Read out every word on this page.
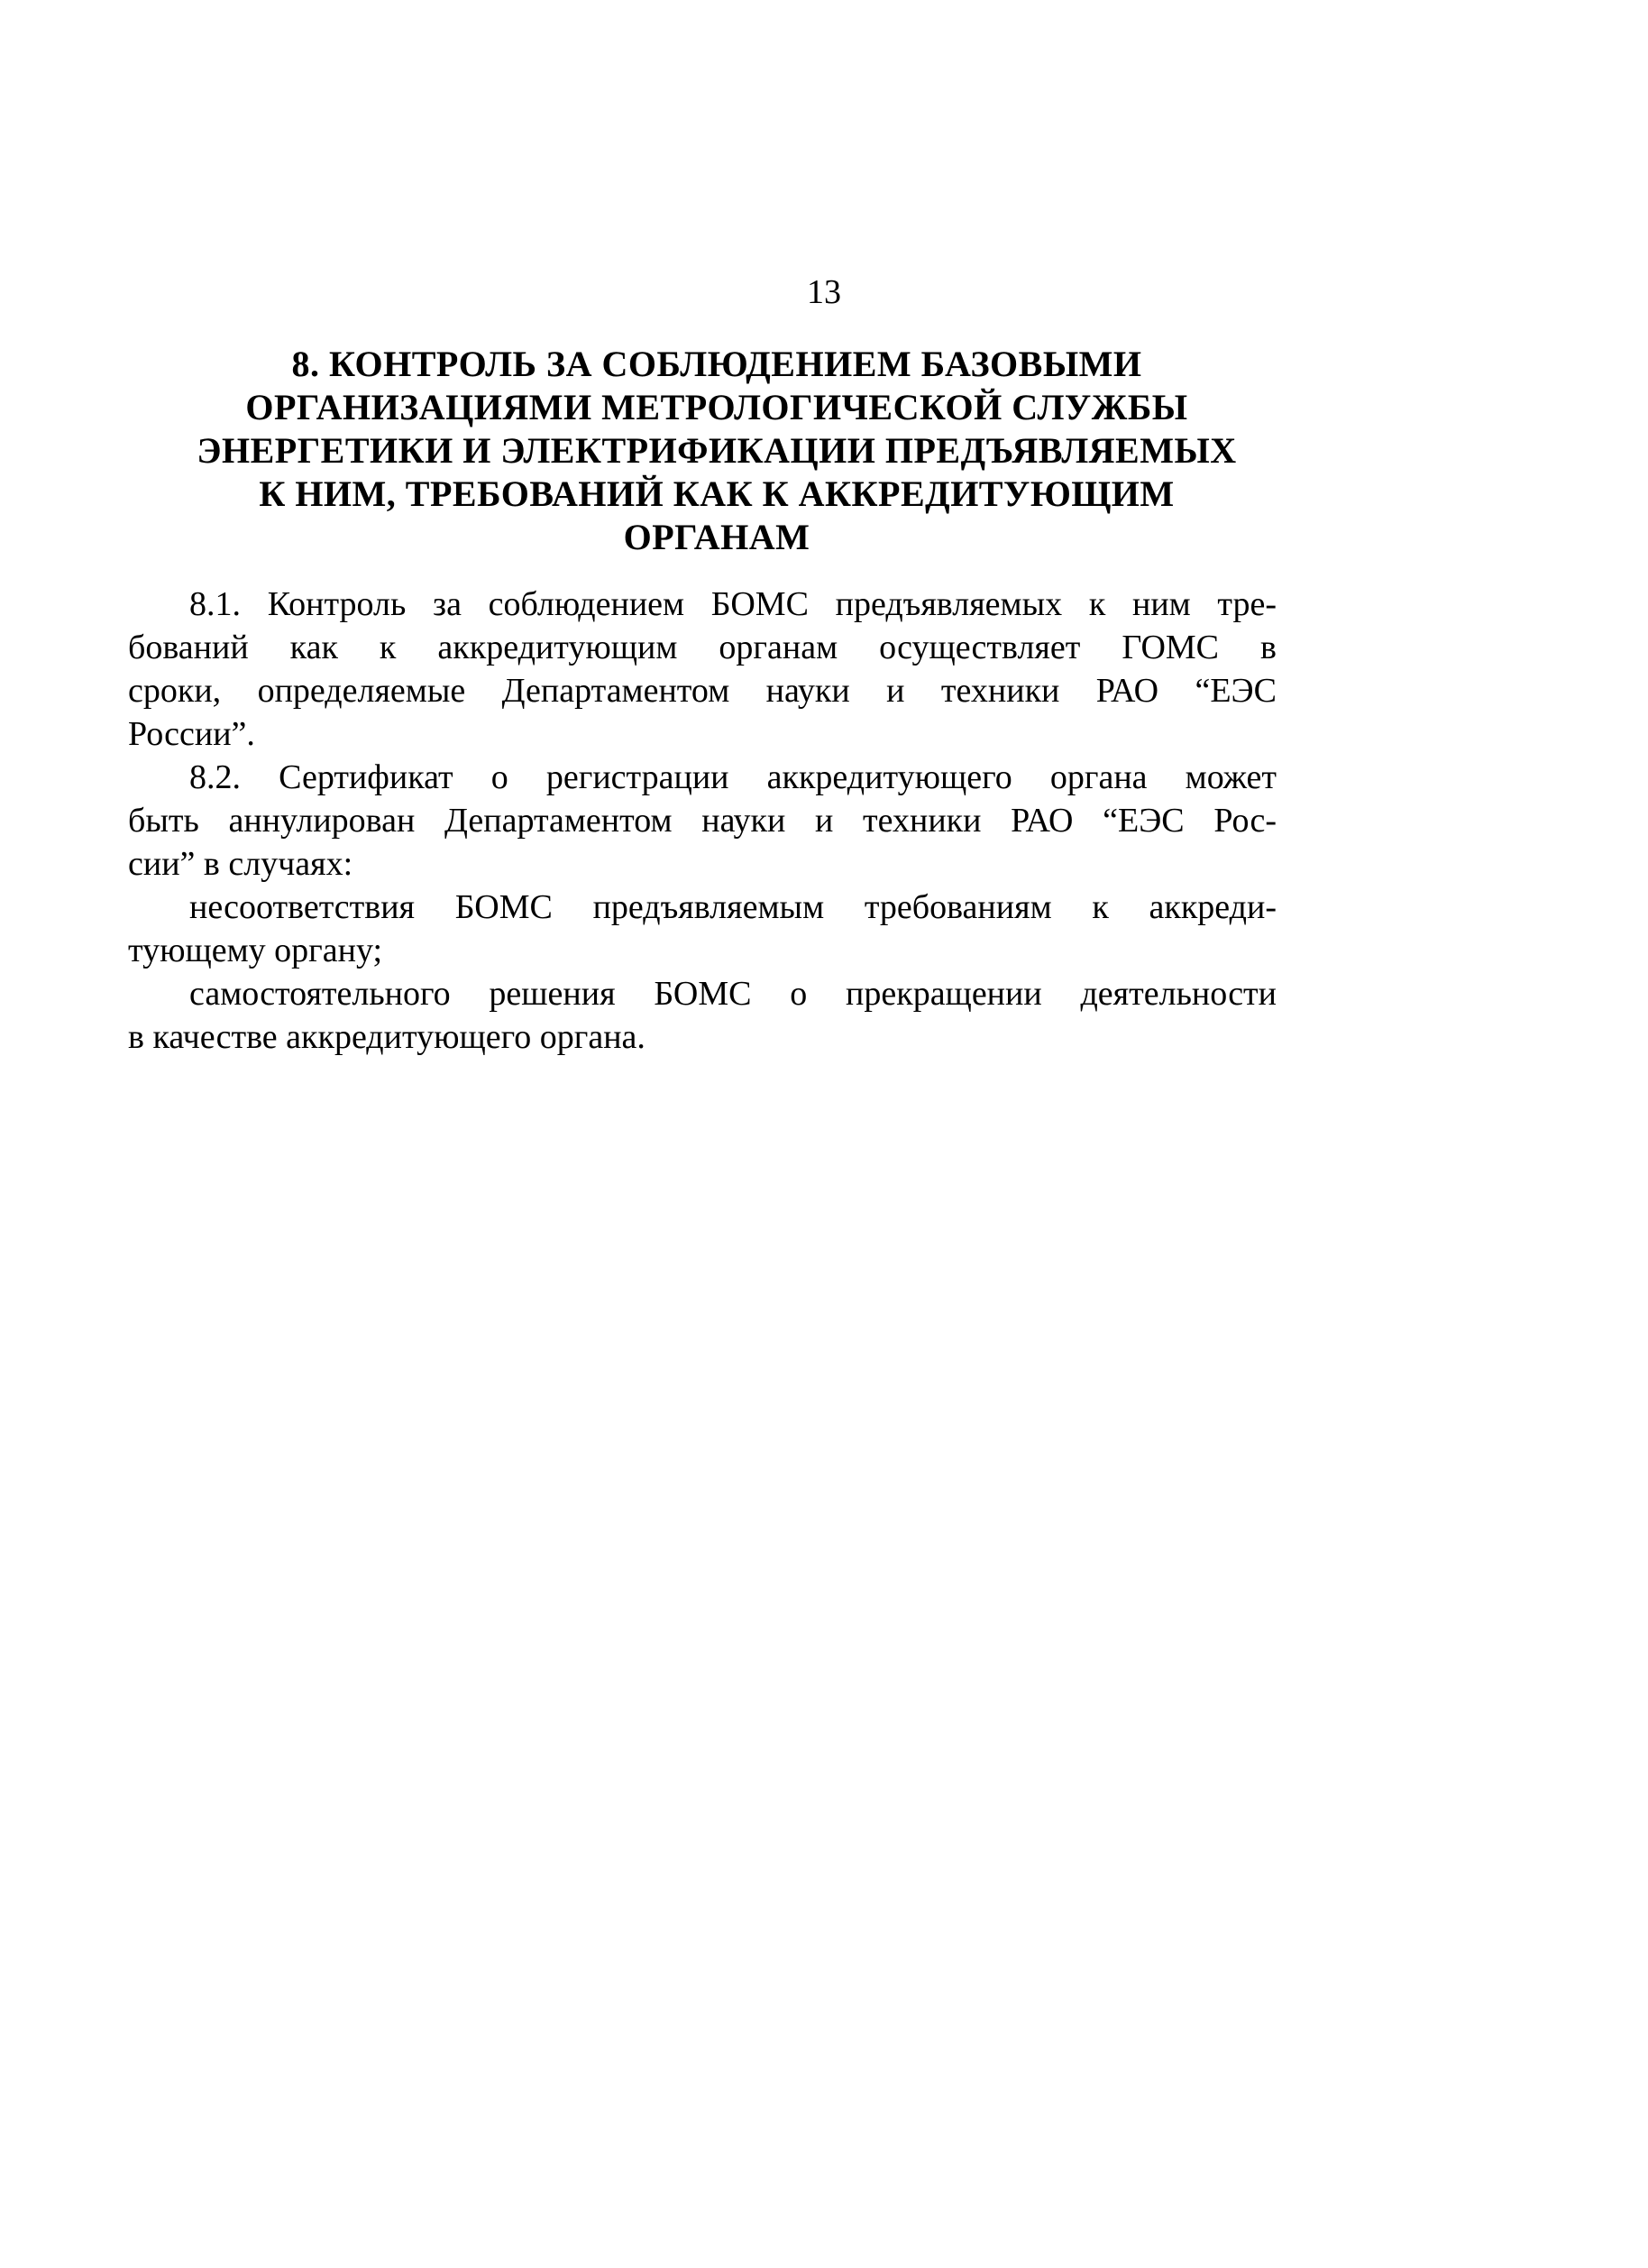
13
8. КОНТРОЛЬ ЗА СОБЛЮДЕНИЕМ БАЗОВЫМИ
ОРГАНИЗАЦИЯМИ МЕТРОЛОГИЧЕСКОЙ СЛУЖБЫ
ЭНЕРГЕТИКИ И ЭЛЕКТРИФИКАЦИИ ПРЕДЪЯВЛЯЕМЫХ
К НИМ, ТРЕБОВАНИЙ КАК К АККРЕДИТУЮЩИМ
ОРГАНАМ
8.1. Контроль за соблюдением БОМС предъявляемых к ним тре-
бований как к аккредитующим органам осуществляет ГОМС в
сроки, определяемые Департаментом науки и техники РАО “ЕЭС
России”.
8.2. Сертификат о регистрации аккредитующего органа может
быть аннулирован Департаментом науки и техники РАО “ЕЭС Рос-
сии” в случаях:
несоответствия БОМС предъявляемым требованиям к аккреди-
тующему органу;
самостоятельного решения БОМС о прекращении деятельности
в качестве аккредитующего органа.
